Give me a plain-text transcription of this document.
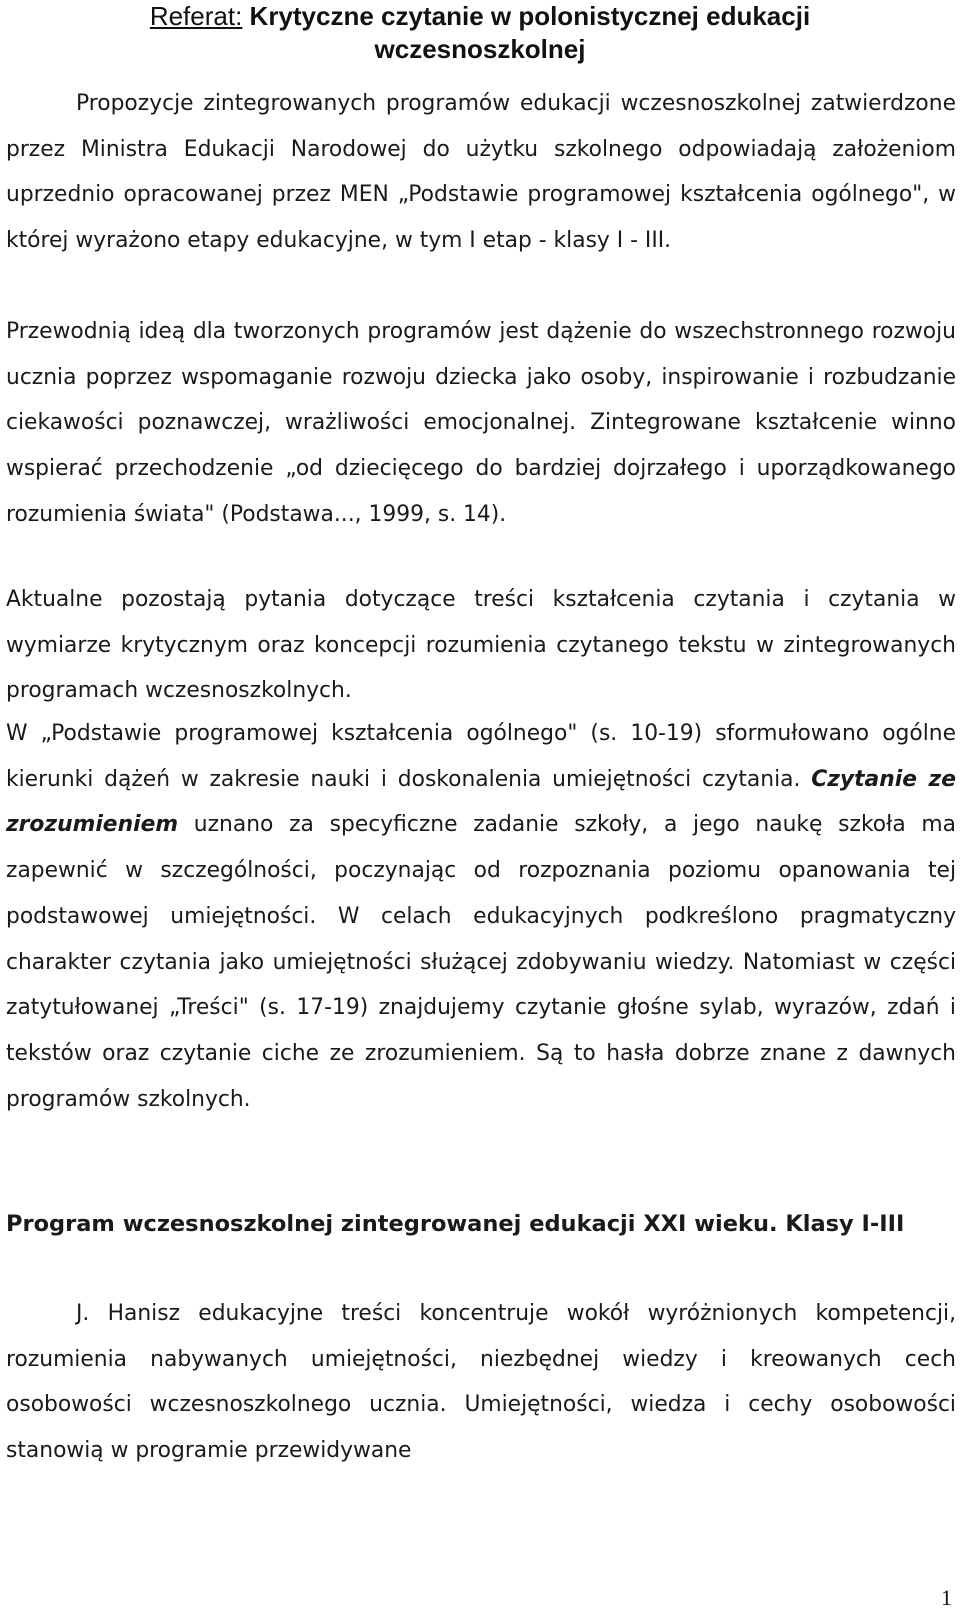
Referat: Krytyczne czytanie w polonistycznej edukacji
wczesnoszkolnej

Propozycje zintegrowanych programów edukacji wczesnoszkolnej zatwierdzone przez Ministra Edukacji Narodowej do użytku szkolnego odpowiadają założeniom uprzednio opracowanej przez MEN „Podstawie programowej kształcenia ogólnego", w której wyrażono etapy edukacyjne, w tym I etap - klasy I - III.

Przewodnią ideą dla tworzonych programów jest dążenie do wszechstronnego rozwoju ucznia poprzez wspomaganie rozwoju dziecka jako osoby, inspirowanie i rozbudzanie ciekawości poznawczej, wrażliwości emocjonalnej. Zintegrowane kształcenie winno wspierać przechodzenie „od dziecięcego do bardziej dojrzałego i uporządkowanego rozumienia świata" (Podstawa..., 1999, s. 14).

Aktualne pozostają pytania dotyczące treści kształcenia czytania i czytania w wymiarze krytycznym oraz koncepcji rozumienia czytanego tekstu w zintegrowanych programach wczesnoszkolnych.

W „Podstawie programowej kształcenia ogólnego" (s. 10-19) sformułowano ogólne kierunki dążeń w zakresie nauki i doskonalenia umiejętności czytania. Czytanie ze zrozumieniem uznano za specyficzne zadanie szkoły, a jego naukę szkoła ma zapewnić w szczególności, poczynając od rozpoznania poziomu opanowania tej podstawowej umiejętności. W celach edukacyjnych podkreślono pragmatyczny charakter czytania jako umiejętności służącej zdobywaniu wiedzy. Natomiast w części zatytułowanej „Treści" (s. 17-19) znajdujemy czytanie głośne sylab, wyrazów, zdań i tekstów oraz czytanie ciche ze zrozumieniem. Są to hasła dobrze znane z dawnych programów szkolnych.

Program wczesnoszkolnej zintegrowanej edukacji XXI wieku. Klasy I-III

J. Hanisz edukacyjne treści koncentruje wokół wyróżnionych kompetencji, rozumienia nabywanych umiejętności, niezbędnej wiedzy i kreowanych cech osobowości wczesnoszkolnego ucznia. Umiejętności, wiedza i cechy osobowości stanowią w programie przewidywane

1
